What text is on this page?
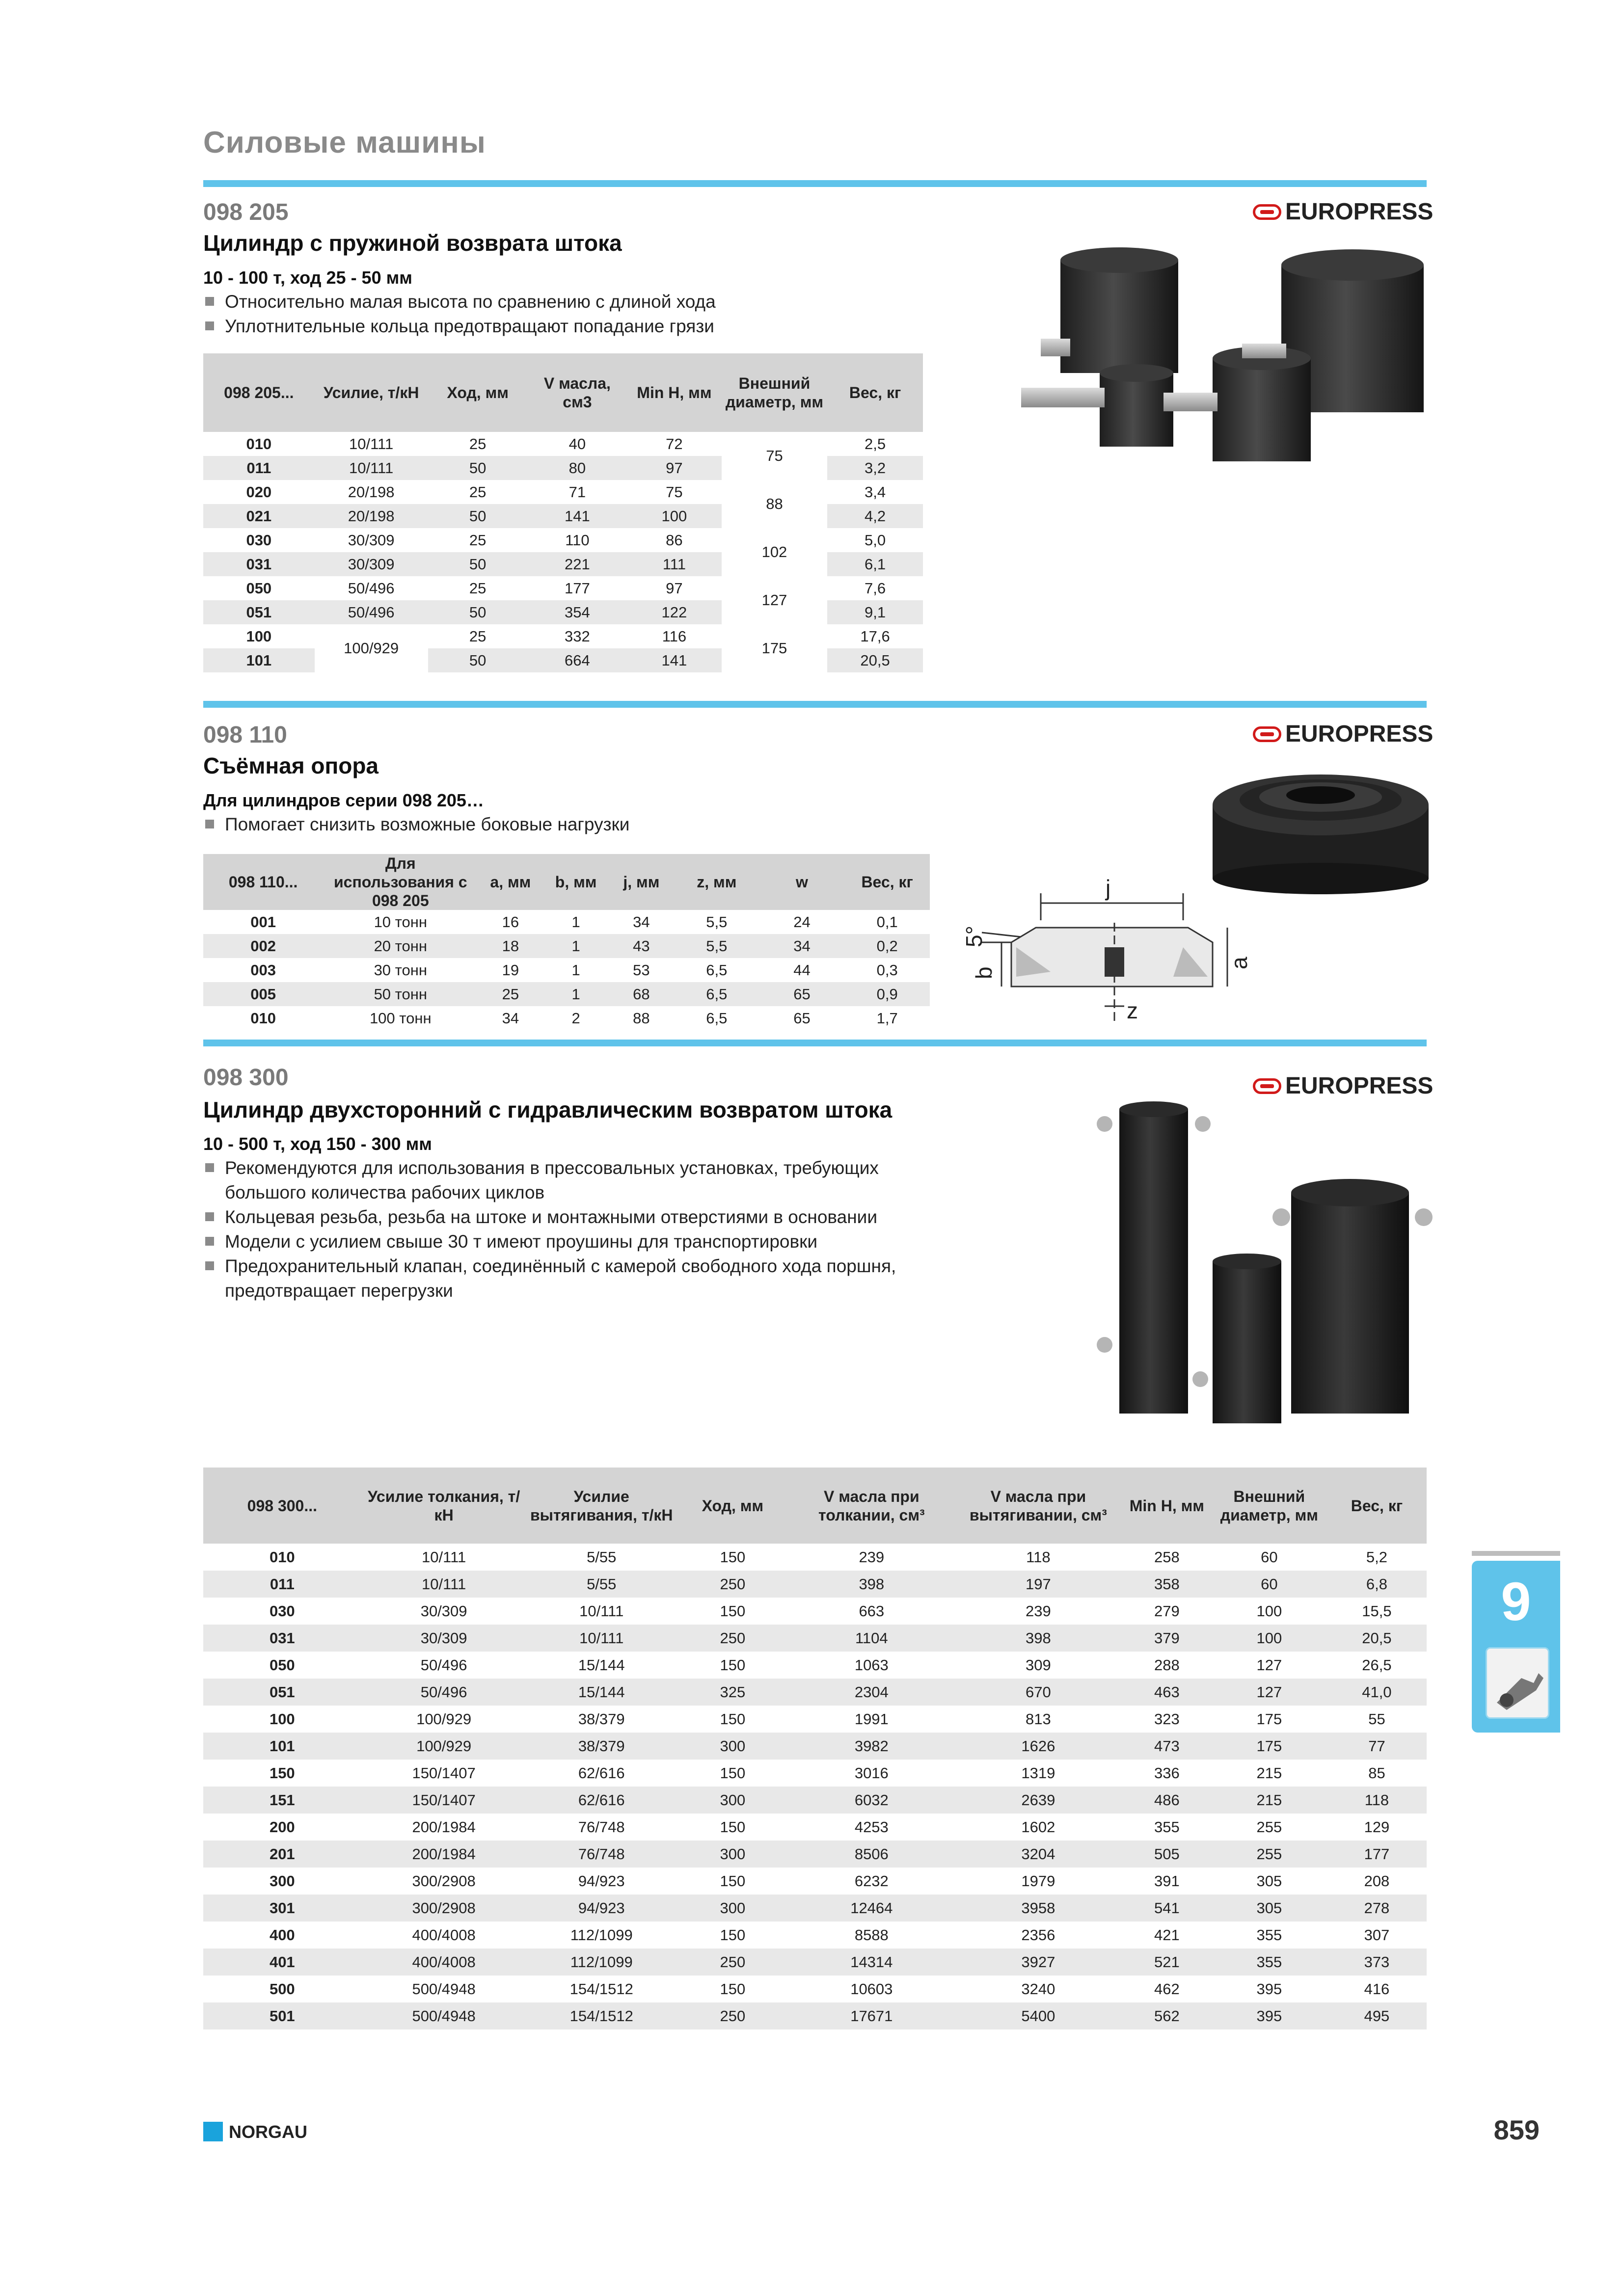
Силовые машины
098 205
Цилиндр с пружиной возврата штока
10 - 100 т, ход 25 - 50 мм
Относительно малая высота по сравнению с длиной хода
Уплотнительные кольца предотвращают попадание грязи
EUROPRESS
098 205...	Усилие, т/кН	Ход, мм	V масла, см3	Min H, мм	Внешний диаметр, мм	Вес, кг
010	10/111	25	40	72	75	2,5
011	10/111	50	80	97		3,2
020	20/198	25	71	75	88	3,4
021	20/198	50	141	100		4,2
030	30/309	25	110	86	102	5,0
031	30/309	50	221	111		6,1
050	50/496	25	177	97	127	7,6
051	50/496	50	354	122		9,1
100	100/929	25	332	116	175	17,6
101		50	664	141		20,5
098 110
Съёмная опора
Для цилиндров серии 098 205…
Помогает снизить возможные боковые нагрузки
EUROPRESS
098 110...	Для использования с 098 205	a, мм	b, мм	j, мм	z, мм	w	Вес, кг
001	10 тонн	16	1	34	5,5	24	0,1
002	20 тонн	18	1	43	5,5	34	0,2
003	30 тонн	19	1	53	6,5	44	0,3
005	50 тонн	25	1	68	6,5	65	0,9
010	100 тонн	34	2	88	6,5	65	1,7
j
5°
b
a
z
098 300
Цилиндр двухсторонний с гидравлическим возвратом штока
10 - 500 т, ход 150 - 300 мм
Рекомендуются для использования в прессовальных установках, требующих большого количества рабочих циклов
Кольцевая резьба, резьба на штоке и монтажными отверстиями в основании
Модели с усилием свыше 30 т имеют проушины для транспортировки
Предохранительный клапан, соединённый с камерой свободного хода поршня, предотвращает перегрузки
EUROPRESS
098 300...	Усилие толкания, т/кН	Усилие вытягивания, т/кН	Ход, мм	V масла при толкании, см³	V масла при вытягивании, см³	Min H, мм	Внешний диаметр, мм	Вес, кг
010	10/111	5/55	150	239	118	258	60	5,2
011	10/111	5/55	250	398	197	358	60	6,8
030	30/309	10/111	150	663	239	279	100	15,5
031	30/309	10/111	250	1104	398	379	100	20,5
050	50/496	15/144	150	1063	309	288	127	26,5
051	50/496	15/144	325	2304	670	463	127	41,0
100	100/929	38/379	150	1991	813	323	175	55
101	100/929	38/379	300	3982	1626	473	175	77
150	150/1407	62/616	150	3016	1319	336	215	85
151	150/1407	62/616	300	6032	2639	486	215	118
200	200/1984	76/748	150	4253	1602	355	255	129
201	200/1984	76/748	300	8506	3204	505	255	177
300	300/2908	94/923	150	6232	1979	391	305	208
301	300/2908	94/923	300	12464	3958	541	305	278
400	400/4008	112/1099	150	8588	2356	421	355	307
401	400/4008	112/1099	250	14314	3927	521	355	373
500	500/4948	154/1512	150	10603	3240	462	395	416
501	500/4948	154/1512	250	17671	5400	562	395	495
9
NORGAU	859
